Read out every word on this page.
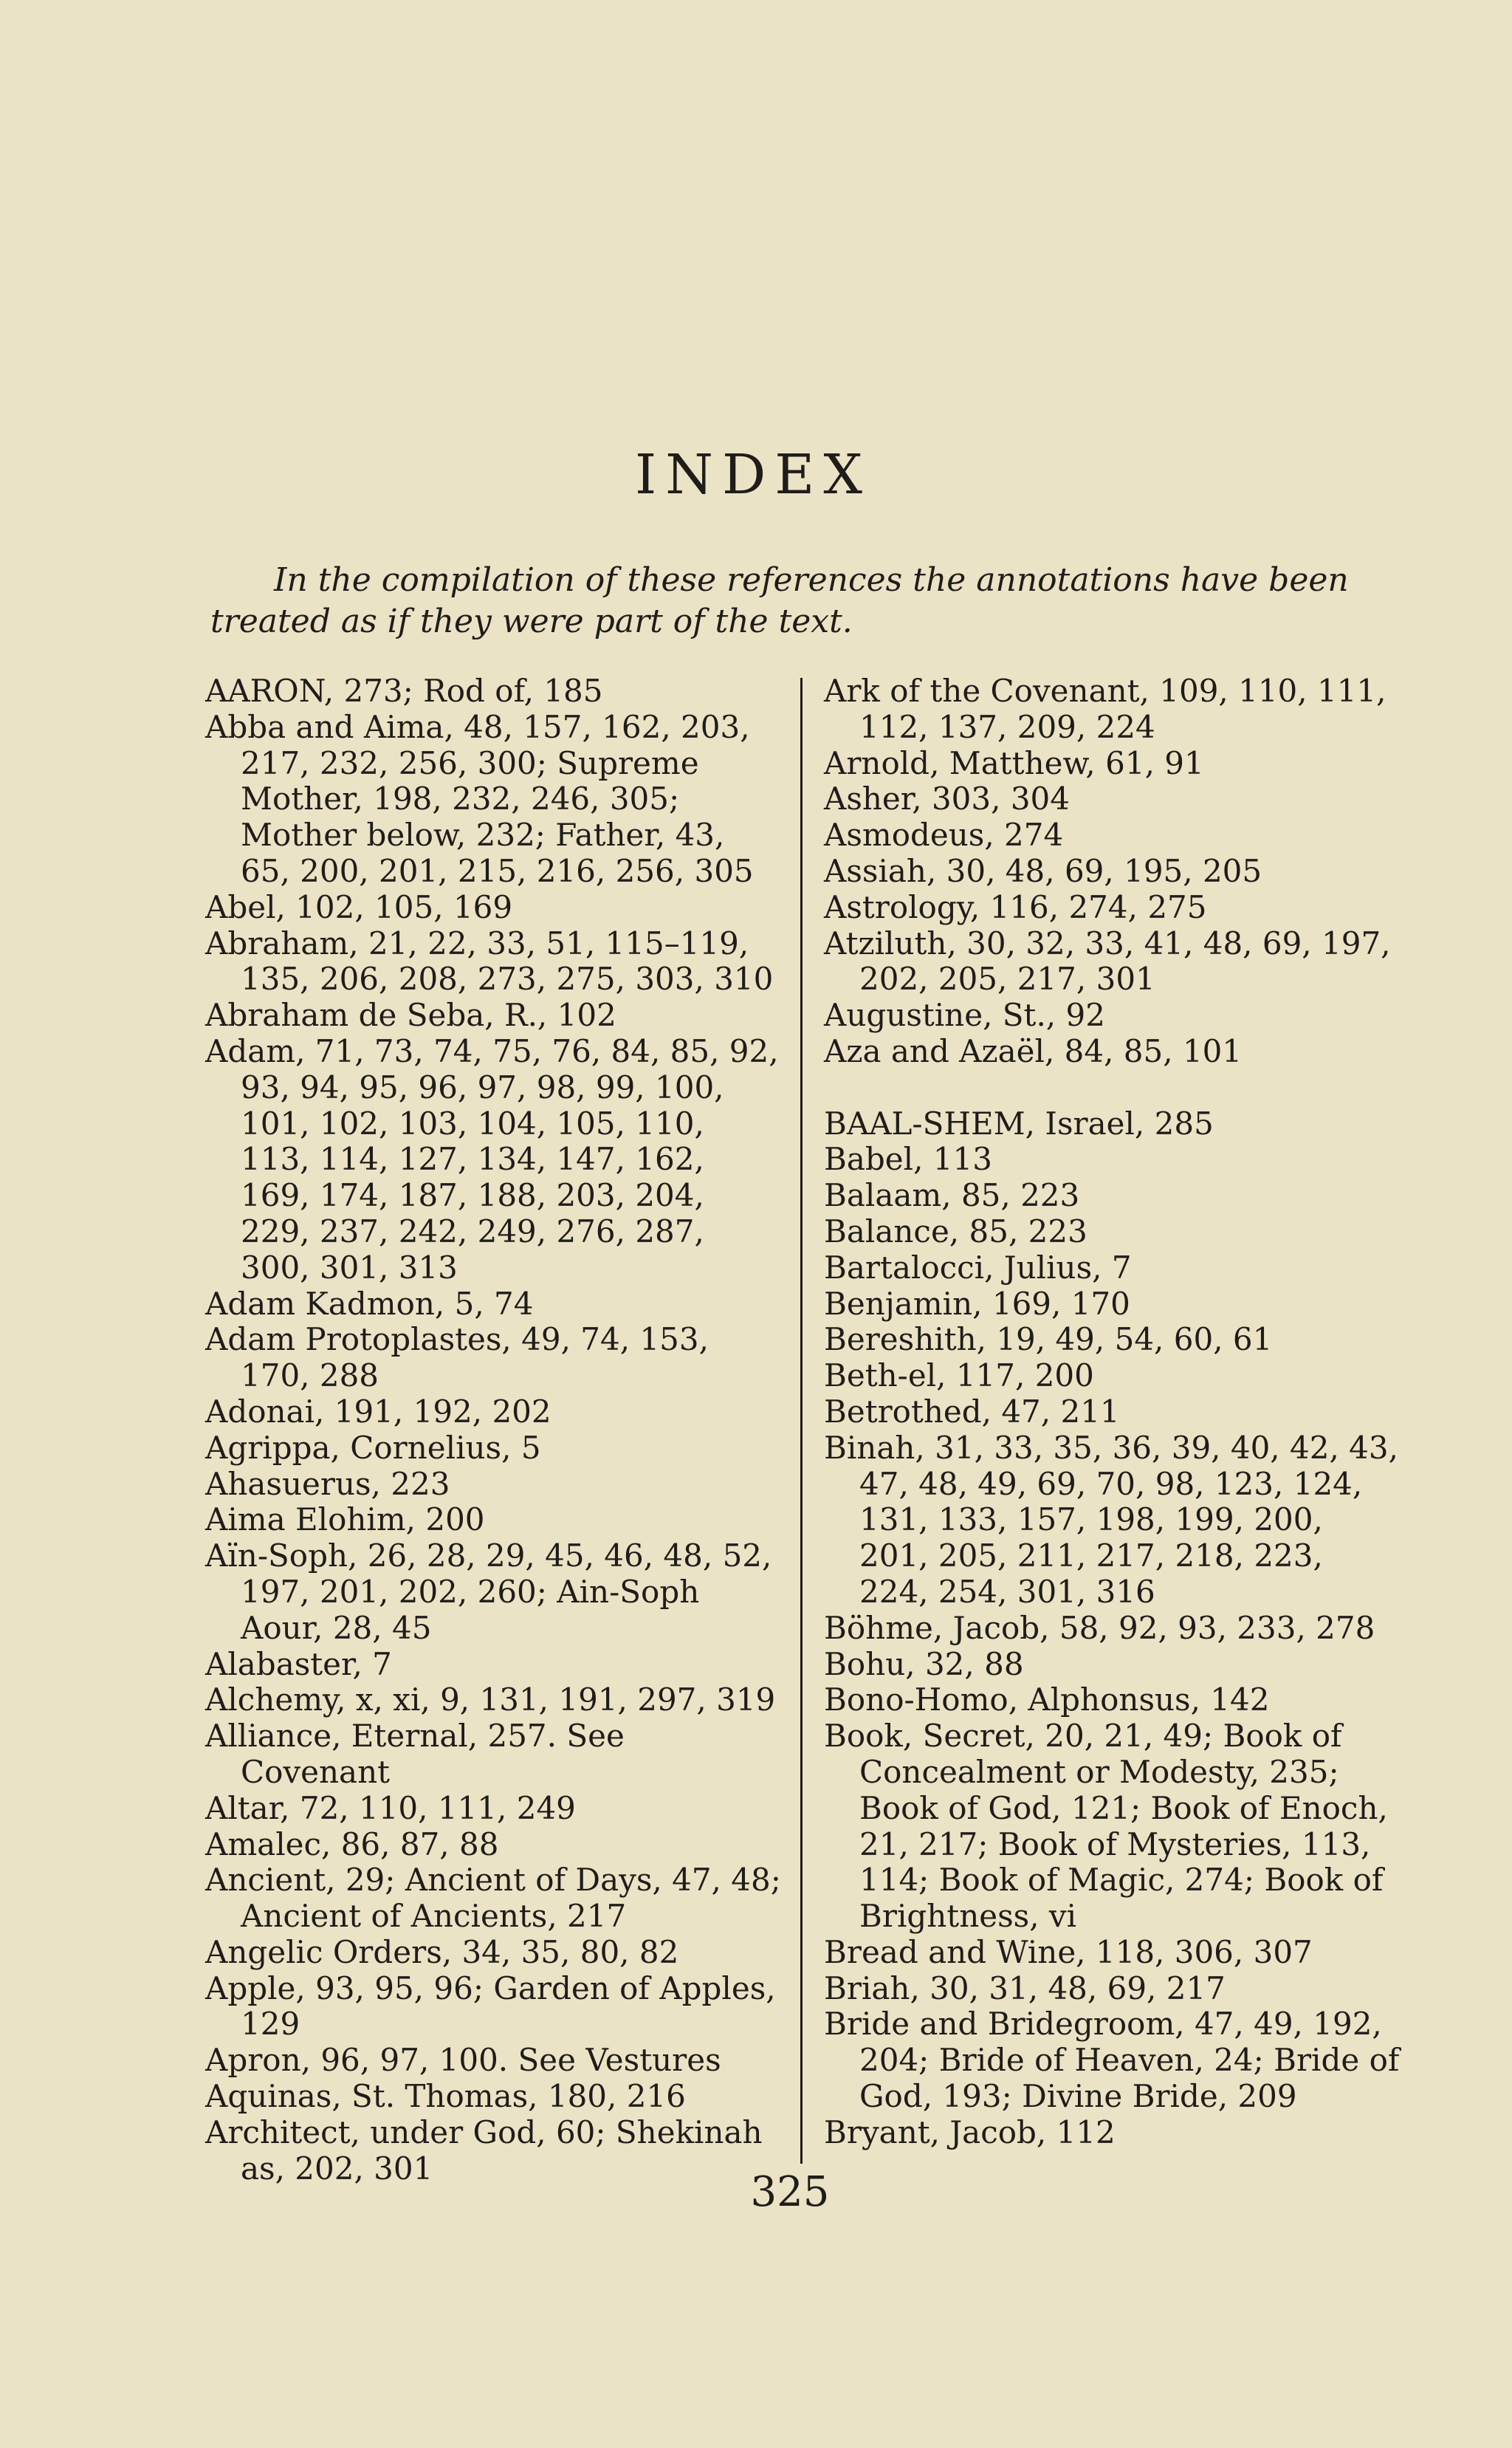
INDEX
In the compilation of these references the annotations have been treated as if they were part of the text.
AARON, 273; Rod of, 185
Abba and Aima, 48, 157, 162, 203, 217, 232, 256, 300; Supreme Mother, 198, 232, 246, 305; Mother below, 232; Father, 43, 65, 200, 201, 215, 216, 256, 305
Abel, 102, 105, 169
Abraham, 21, 22, 33, 51, 115–119, 135, 206, 208, 273, 275, 303, 310
Abraham de Seba, R., 102
Adam, 71, 73, 74, 75, 76, 84, 85, 92, 93, 94, 95, 96, 97, 98, 99, 100, 101, 102, 103, 104, 105, 110, 113, 114, 127, 134, 147, 162, 169, 174, 187, 188, 203, 204, 229, 237, 242, 249, 276, 287, 300, 301, 313
Adam Kadmon, 5, 74
Adam Protoplastes, 49, 74, 153, 170, 288
Adonai, 191, 192, 202
Agrippa, Cornelius, 5
Ahasuerus, 223
Aima Elohim, 200
Aïn-Soph, 26, 28, 29, 45, 46, 48, 52, 197, 201, 202, 260; Ain-Soph Aour, 28, 45
Alabaster, 7
Alchemy, x, xi, 9, 131, 191, 297, 319
Alliance, Eternal, 257. See Covenant
Altar, 72, 110, 111, 249
Amalec, 86, 87, 88
Ancient, 29; Ancient of Days, 47, 48; Ancient of Ancients, 217
Angelic Orders, 34, 35, 80, 82
Apple, 93, 95, 96; Garden of Apples, 129
Apron, 96, 97, 100. See Vestures
Aquinas, St. Thomas, 180, 216
Architect, under God, 60; Shekinah as, 202, 301
Ark of the Covenant, 109, 110, 111, 112, 137, 209, 224
Arnold, Matthew, 61, 91
Asher, 303, 304
Asmodeus, 274
Assiah, 30, 48, 69, 195, 205
Astrology, 116, 274, 275
Atziluth, 30, 32, 33, 41, 48, 69, 197, 202, 205, 217, 301
Augustine, St., 92
Aza and Azaël, 84, 85, 101
BAAL-SHEM, Israel, 285
Babel, 113
Balaam, 85, 223
Balance, 85, 223
Bartalocci, Julius, 7
Benjamin, 169, 170
Bereshith, 19, 49, 54, 60, 61
Beth-el, 117, 200
Betrothed, 47, 211
Binah, 31, 33, 35, 36, 39, 40, 42, 43, 47, 48, 49, 69, 70, 98, 123, 124, 131, 133, 157, 198, 199, 200, 201, 205, 211, 217, 218, 223, 224, 254, 301, 316
Böhme, Jacob, 58, 92, 93, 233, 278
Bohu, 32, 88
Bono-Homo, Alphonsus, 142
Book, Secret, 20, 21, 49; Book of Concealment or Modesty, 235; Book of God, 121; Book of Enoch, 21, 217; Book of Mysteries, 113, 114; Book of Magic, 274; Book of Brightness, vi
Bread and Wine, 118, 306, 307
Briah, 30, 31, 48, 69, 217
Bride and Bridegroom, 47, 49, 192, 204; Bride of Heaven, 24; Bride of God, 193; Divine Bride, 209
Bryant, Jacob, 112
325
